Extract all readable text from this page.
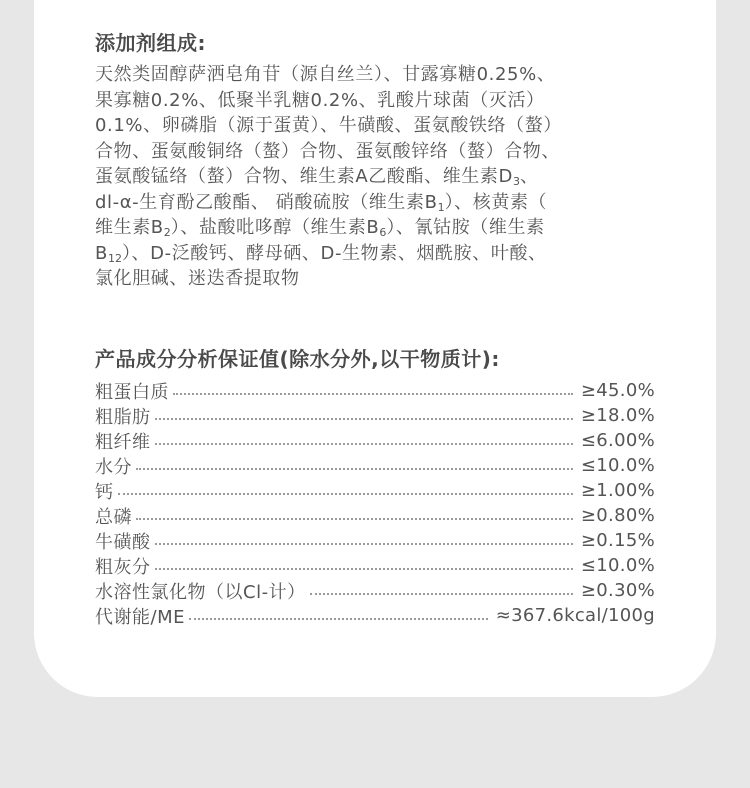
添加剂组成:
天然类固醇萨洒皂角苷（源自丝兰）、甘露寡糖0.25%、
果寡糖0.2%、低聚半乳糖0.2%、乳酸片球菌（灭活）
0.1%、卵磷脂（源于蛋黄）、牛磺酸、蛋氨酸铁络（螯）
合物、蛋氨酸铜络（螯）合物、蛋氨酸锌络（螯）合物、
蛋氨酸锰络（螯）合物、维生素A乙酸酯、维生素$D_3$、
dl-α-生育酚乙酸酯、 硝酸硫胺（维生素$B_1$）、核黄素（
维生素$B_2$）、盐酸吡哆醇（维生素$B_6$）、氰钴胺（维生素
$B_{12}$）、D-泛酸钙、酵母硒、D-生物素、烟酰胺、叶酸、
氯化胆碱、迷迭香提取物
产品成分分析保证值(除水分外,以干物质计):
粗蛋白质	≥45.0%
粗脂肪	≥18.0%
粗纤维	≤6.00%
水分	≤10.0%
钙	≥1.00%
总磷	≥0.80%
牛磺酸	≥0.15%
粗灰分	≤10.0%
水溶性氯化物（以Cl-计）	≥0.30%
代谢能/ME	≈367.6kcal/100g
